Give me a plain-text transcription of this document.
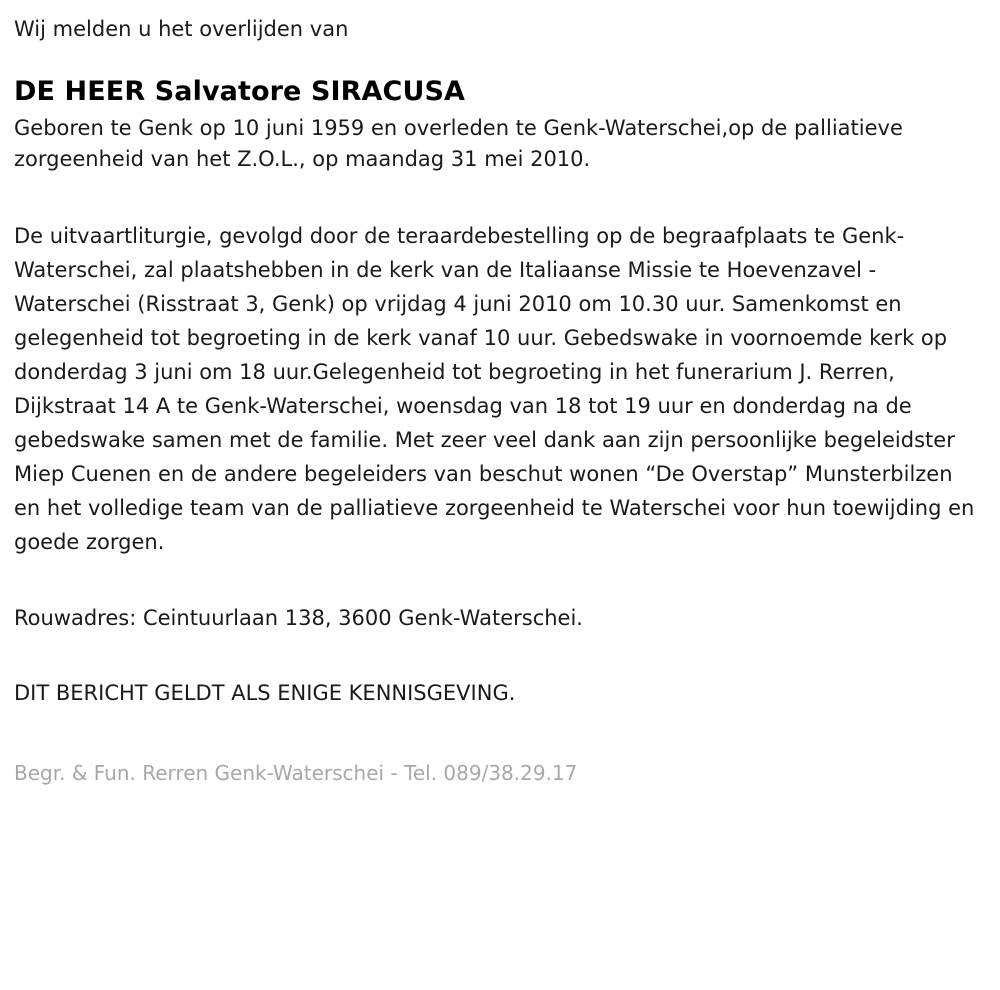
Wij melden u het overlijden van

DE HEER Salvatore SIRACUSA

Geboren te Genk op 10 juni 1959 en overleden te Genk-Waterschei,op de palliatieve zorgeenheid van het Z.O.L., op maandag 31 mei 2010.

De uitvaartliturgie, gevolgd door de teraardebestelling op de begraafplaats te Genk-Waterschei, zal plaatshebben in de kerk van de Italiaanse Missie te Hoevenzavel -Waterschei (Risstraat 3, Genk) op vrijdag 4 juni 2010 om 10.30 uur. Samenkomst en gelegenheid tot begroeting in de kerk vanaf 10 uur. Gebedswake in voornoemde kerk op donderdag 3 juni om 18 uur.Gelegenheid tot begroeting in het funerarium J. Rerren, Dijkstraat 14 A te Genk-Waterschei, woensdag van 18 tot 19 uur en donderdag na de gebedswake samen met de familie. Met zeer veel dank aan zijn persoonlijke begeleidster Miep Cuenen en de andere begeleiders van beschut wonen “De Overstap” Munsterbilzen en het volledige team van de palliatieve zorgeenheid te Waterschei voor hun toewijding en goede zorgen.

Rouwadres: Ceintuurlaan 138, 3600 Genk-Waterschei.

DIT BERICHT GELDT ALS ENIGE KENNISGEVING.

Begr. & Fun. Rerren Genk-Waterschei - Tel. 089/38.29.17
